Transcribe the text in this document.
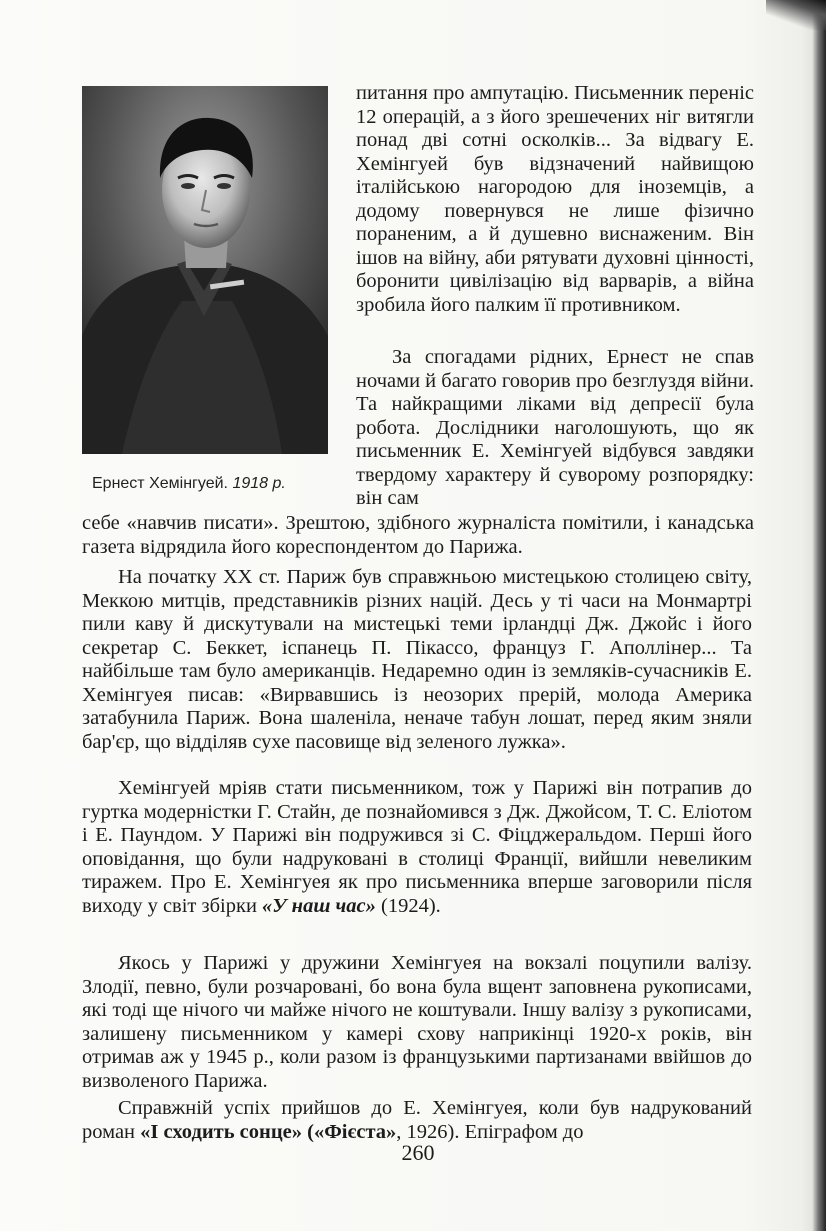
Ернест Хемінгуей. 1918 р.

питання про ампутацію. Письменник переніс 12 операцій, а з його зрешечених ніг витягли понад дві сотні осколків... За відвагу Е. Хемінгуей був відзначений найвищою італійською нагородою для іноземців, а додому повернувся не лише фізично пораненим, а й душевно виснаженим. Він ішов на війну, аби рятувати духовні цінності, боронити цивілізацію від варварів, а війна зробила його палким її противником.

За спогадами рідних, Ернест не спав ночами й багато говорив про безглуздя війни. Та найкращими ліками від депресії була робота. Дослідники наголошують, що як письменник Е. Хемінгуей відбувся завдяки твердому характеру й суворому розпорядку: він сам

себе «навчив писати». Зрештою, здібного журналіста помітили, і канадська газета відрядила його кореспондентом до Парижа.

На початку XX ст. Париж був справжньою мистецькою столицею світу, Меккою митців, представників різних націй. Десь у ті часи на Монмартрі пили каву й дискутували на мистецькі теми ірландці Дж. Джойс і його секретар С. Беккет, іспанець П. Пікассо, француз Г. Аполлінер... Та найбільше там було американців. Недаремно один із земляків-сучасників Е. Хемінгуея писав: «Вирвавшись із неозорих прерій, молода Америка затабунила Париж. Вона шаленіла, неначе табун лошат, перед яким зняли бар'єр, що відділяв сухе пасовище від зеленого лужка».

Хемінгуей мріяв стати письменником, тож у Парижі він потрапив до гуртка модерністки Г. Стайн, де познайомився з Дж. Джойсом, Т. С. Еліотом і Е. Паундом. У Парижі він подружився зі С. Фіцджеральдом. Перші його оповідання, що були надруковані в столиці Франції, вийшли невеликим тиражем. Про Е. Хемінгуея як про письменника вперше заговорили після виходу у світ збірки «У наш час» (1924).

Якось у Парижі у дружини Хемінгуея на вокзалі поцупили валізу. Злодії, певно, були розчаровані, бо вона була вщент заповнена рукописами, які тоді ще нічого чи майже нічого не коштували. Іншу валізу з рукописами, залишену письменником у камері схову наприкінці 1920-х років, він отримав аж у 1945 р., коли разом із французькими партизанами ввійшов до визволеного Парижа.

Справжній успіх прийшов до Е. Хемінгуея, коли був надрукований роман «І сходить сонце» («Фієста», 1926). Епіграфом до

260
